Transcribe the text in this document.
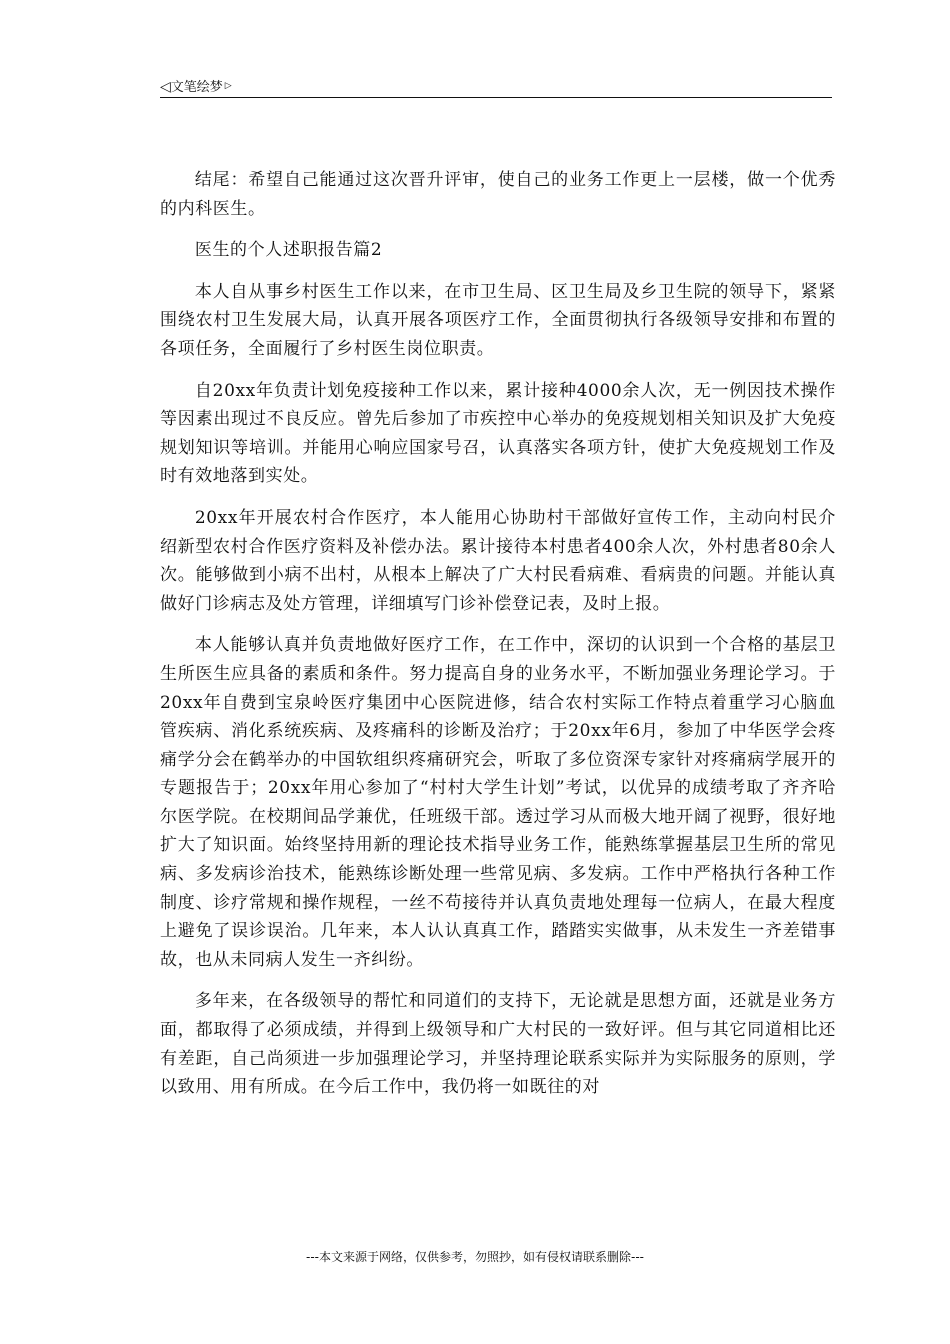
◁文笔绘梦 ▷

结尾：希望自己能通过这次晋升评审，使自己的业务工作更上一层楼，做一个优秀的内科医生。

医生的个人述职报告篇2

本人自从事乡村医生工作以来，在市卫生局、区卫生局及乡卫生院的领导下，紧紧围绕农村卫生发展大局，认真开展各项医疗工作，全面贯彻执行各级领导安排和布置的各项任务，全面履行了乡村医生岗位职责。

自20xx年负责计划免疫接种工作以来，累计接种4000余人次，无一例因技术操作等因素出现过不良反应。曾先后参加了市疾控中心举办的免疫规划相关知识及扩大免疫规划知识等培训。并能用心响应国家号召，认真落实各项方针，使扩大免疫规划工作及时有效地落到实处。

20xx年开展农村合作医疗，本人能用心协助村干部做好宣传工作，主动向村民介绍新型农村合作医疗资料及补偿办法。累计接待本村患者400余人次，外村患者80余人次。能够做到小病不出村，从根本上解决了广大村民看病难、看病贵的问题。并能认真做好门诊病志及处方管理，详细填写门诊补偿登记表，及时上报。

本人能够认真并负责地做好医疗工作，在工作中，深切的认识到一个合格的基层卫生所医生应具备的素质和条件。努力提高自身的业务水平，不断加强业务理论学习。于20xx年自费到宝泉岭医疗集团中心医院进修，结合农村实际工作特点着重学习心脑血管疾病、消化系统疾病、及疼痛科的诊断及治疗；于20xx年6月，参加了中华医学会疼痛学分会在鹤举办的中国软组织疼痛研究会，听取了多位资深专家针对疼痛病学展开的专题报告于；20xx年用心参加了“村村大学生计划”考试，以优异的成绩考取了齐齐哈尔医学院。在校期间品学兼优，任班级干部。透过学习从而极大地开阔了视野，很好地扩大了知识面。始终坚持用新的理论技术指导业务工作，能熟练掌握基层卫生所的常见病、多发病诊治技术，能熟练诊断处理一些常见病、多发病。工作中严格执行各种工作制度、诊疗常规和操作规程，一丝不苟接待并认真负责地处理每一位病人，在最大程度上避免了误诊误治。几年来，本人认认真真工作，踏踏实实做事，从未发生一齐差错事故，也从未同病人发生一齐纠纷。

多年来，在各级领导的帮忙和同道们的支持下，无论就是思想方面，还就是业务方面，都取得了必须成绩，并得到上级领导和广大村民的一致好评。但与其它同道相比还有差距，自己尚须进一步加强理论学习，并坚持理论联系实际并为实际服务的原则，学以致用、用有所成。在今后工作中，我仍将一如既往的对

---本文来源于网络，仅供参考，勿照抄，如有侵权请联系删除---
